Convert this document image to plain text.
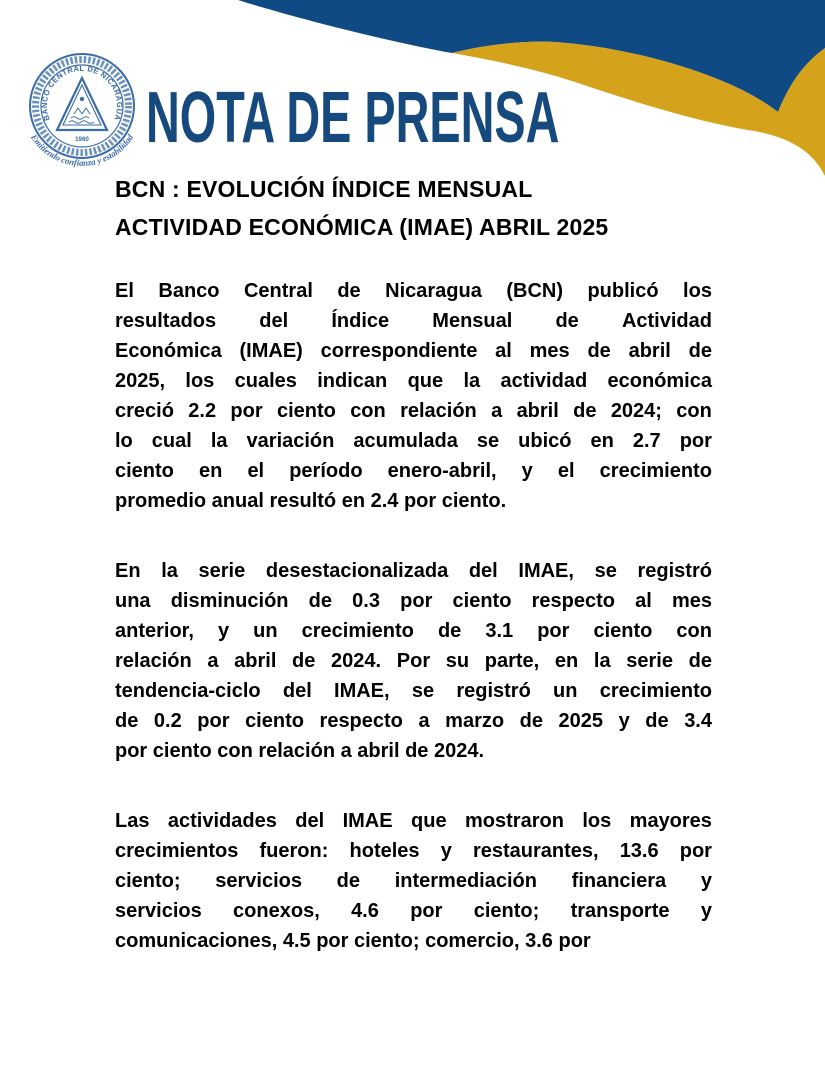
BANCO CENTRAL DE NICARAGUA
1960
Emitiendo confianza y estabilidad NOTA DE PRENSA
BCN : EVOLUCIÓN ÍNDICE MENSUAL
ACTIVIDAD ECONÓMICA (IMAE) ABRIL 2025
El Banco Central de Nicaragua (BCN) publicó los
resultados del Índice Mensual de Actividad
Económica (IMAE) correspondiente al mes de abril de
2025, los cuales indican que la actividad económica
creció 2.2 por ciento con relación a abril de 2024; con
lo cual la variación acumulada se ubicó en 2.7 por
ciento en el período enero-abril, y el crecimiento
promedio anual resultó en 2.4 por ciento.
En la serie desestacionalizada del IMAE, se registró
una disminución de 0.3 por ciento respecto al mes
anterior, y un crecimiento de 3.1 por ciento con
relación a abril de 2024. Por su parte, en la serie de
tendencia-ciclo del IMAE, se registró un crecimiento
de 0.2 por ciento respecto a marzo de 2025 y de 3.4
por ciento con relación a abril de 2024.
Las actividades del IMAE que mostraron los mayores
crecimientos fueron: hoteles y restaurantes, 13.6 por
ciento; servicios de intermediación financiera y
servicios conexos, 4.6 por ciento; transporte y
comunicaciones, 4.5 por ciento; comercio, 3.6 por
